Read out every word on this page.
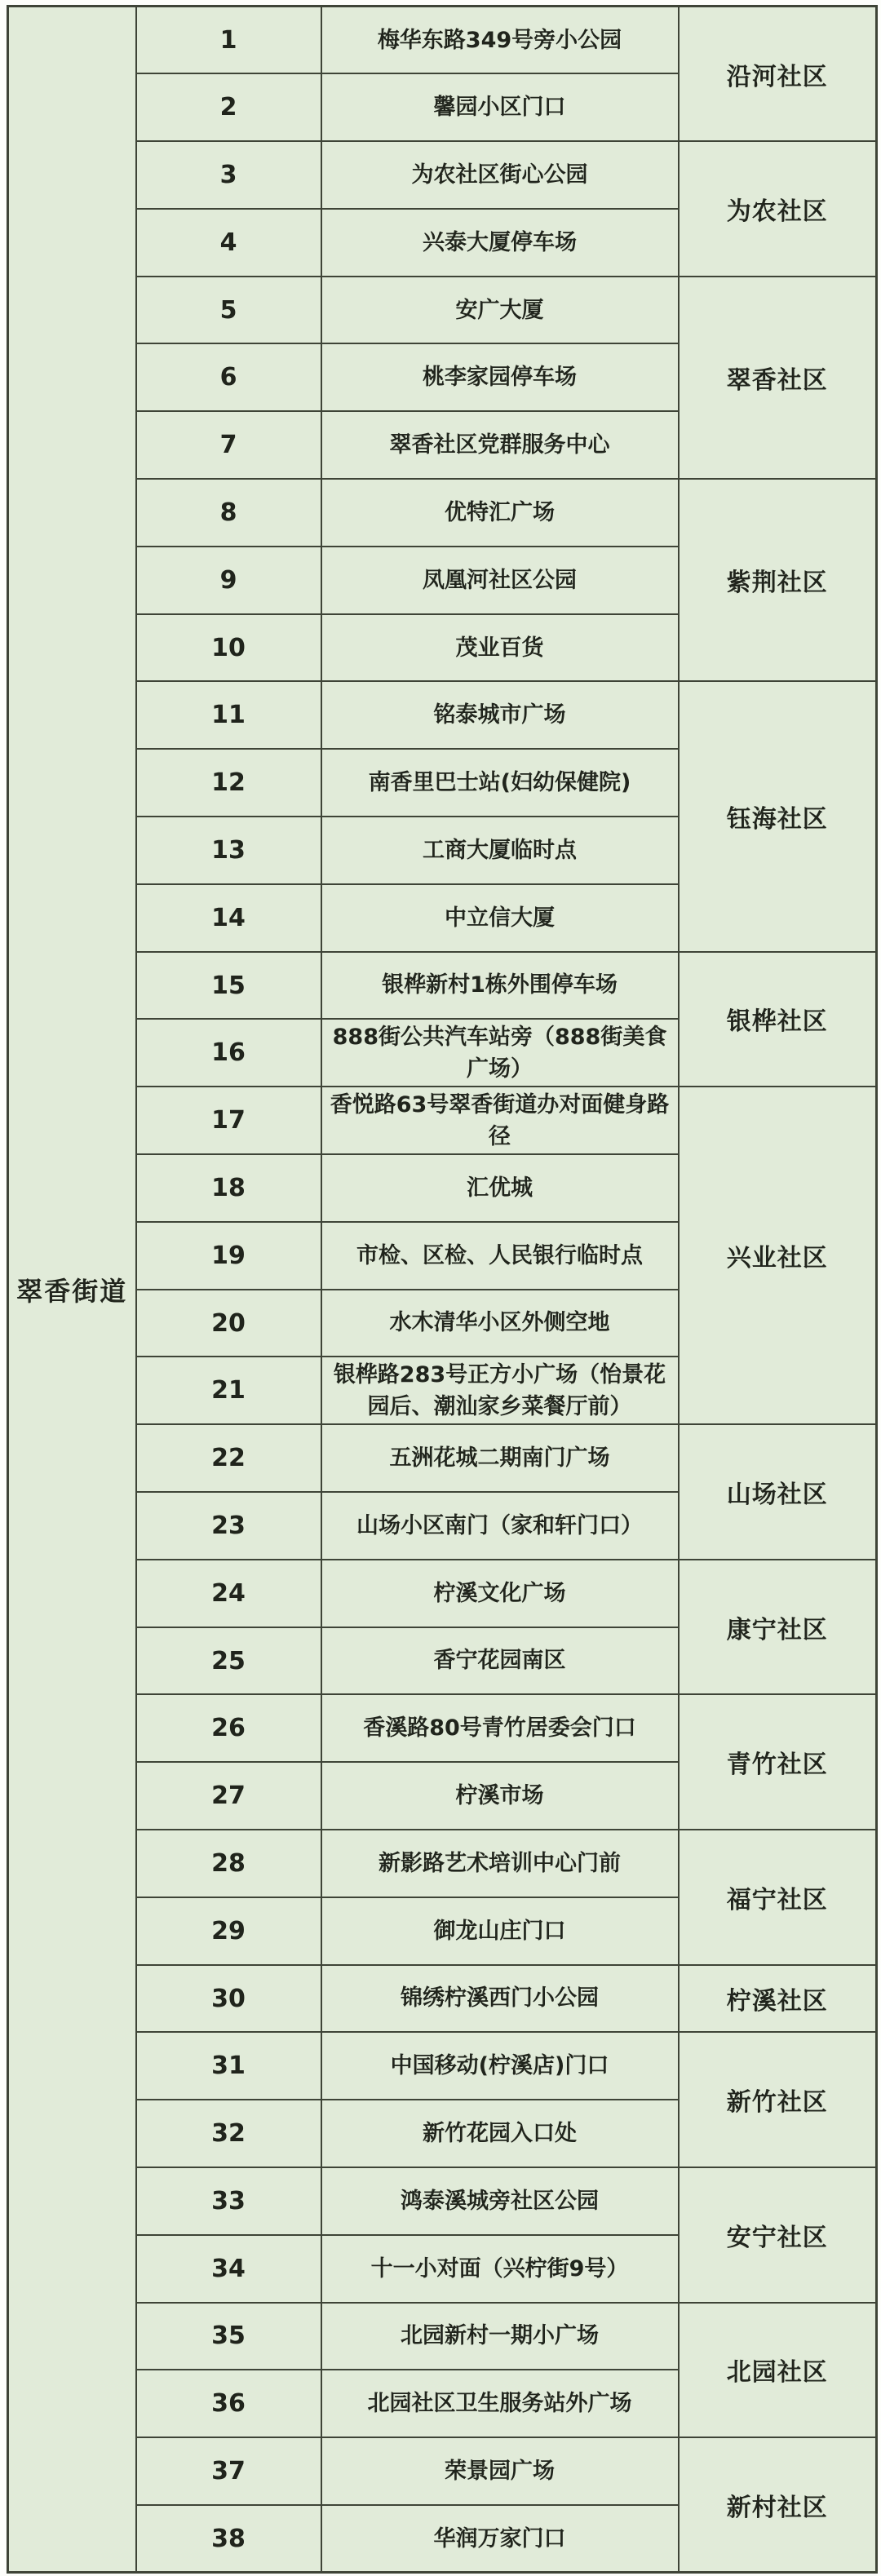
翠香街道	1	梅华东路349号旁小公园	沿河社区
	2	馨园小区门口	
	3	为农社区街心公园	为农社区
	4	兴泰大厦停车场	
	5	安广大厦	翠香社区
	6	桃李家园停车场	
	7	翠香社区党群服务中心	
	8	优特汇广场	紫荆社区
	9	凤凰河社区公园	
	10	茂业百货	
	11	铭泰城市广场	钰海社区
	12	南香里巴士站(妇幼保健院)	
	13	工商大厦临时点	
	14	中立信大厦	
	15	银桦新村1栋外围停车场	银桦社区
	16	888街公共汽车站旁（888街美食广场）	
	17	香悦路63号翠香街道办对面健身路径	兴业社区
	18	汇优城	
	19	市检、区检、人民银行临时点	
	20	水木清华小区外侧空地	
	21	银桦路283号正方小广场（怡景花园后、潮汕家乡菜餐厅前）	
	22	五洲花城二期南门广场	山场社区
	23	山场小区南门（家和轩门口）	
	24	柠溪文化广场	康宁社区
	25	香宁花园南区	
	26	香溪路80号青竹居委会门口	青竹社区
	27	柠溪市场	
	28	新影路艺术培训中心门前	福宁社区
	29	御龙山庄门口	
	30	锦绣柠溪西门小公园	柠溪社区
	31	中国移动(柠溪店)门口	新竹社区
	32	新竹花园入口处	
	33	鸿泰溪城旁社区公园	安宁社区
	34	十一小对面（兴柠街9号）	
	35	北园新村一期小广场	北园社区
	36	北园社区卫生服务站外广场	
	37	荣景园广场	新村社区
	38	华润万家门口	
